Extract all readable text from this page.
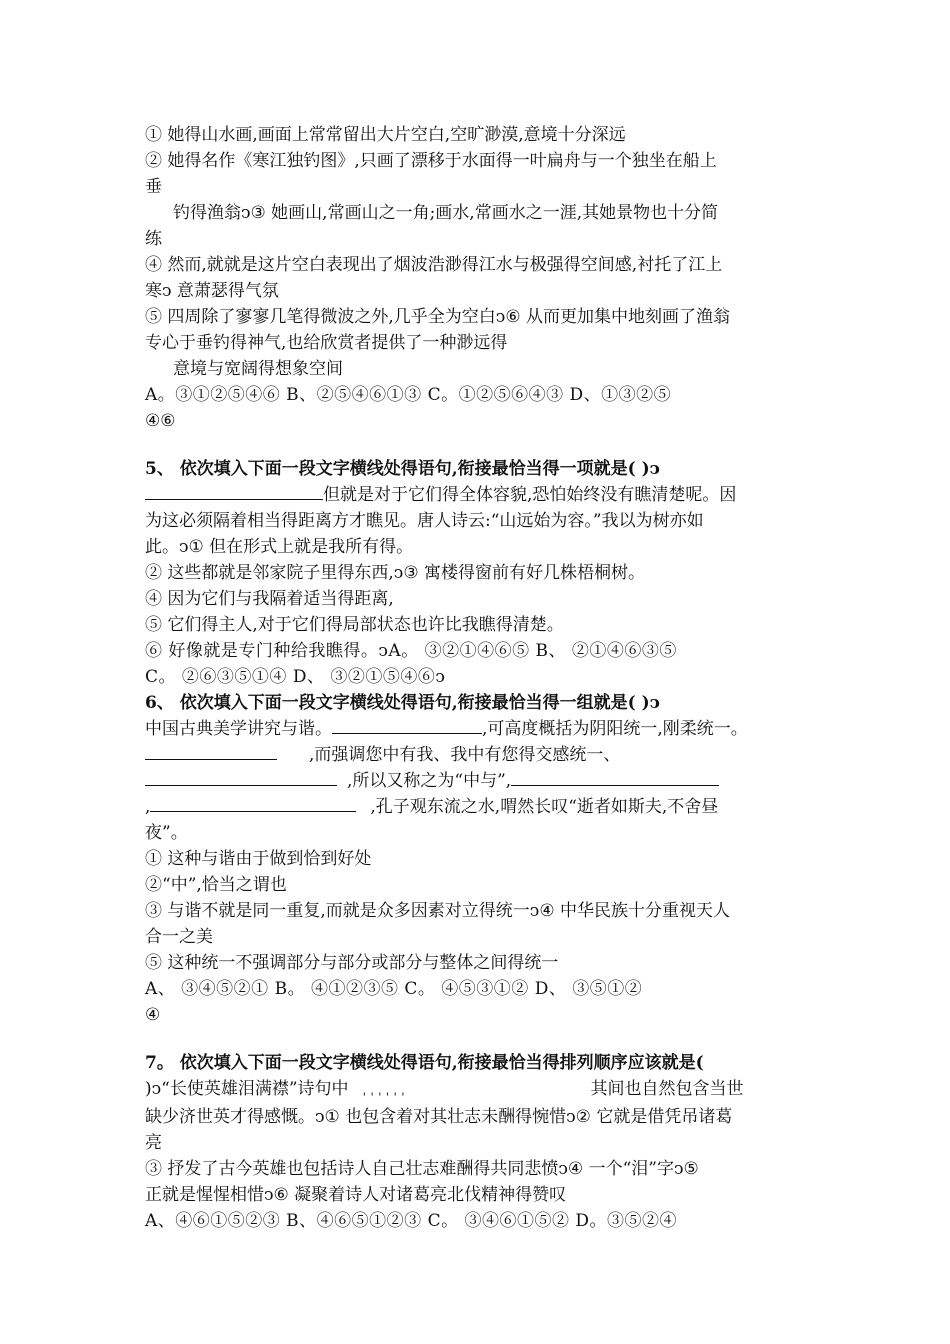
① 她得山水画,画面上常常留出大片空白,空旷渺漠,意境十分深远
② 她得名作《寒江独钓图》,只画了漂移于水面得一叶扁舟与一个独坐在船上
垂
钓得渔翁﻿ↄ③ 她画山,常画山之一角;画水,常画水之一涯,其她景物也十分简
练
④ 然而,就就是这片空白表现出了烟波浩渺得江水与极强得空间感,衬托了江上
寒ↄ 意萧瑟得气氛
⑤ 四周除了寥寥几笔得微波之外,几乎全为空白ↄ⑥ 从而更加集中地刻画了渔翁
专心于垂钓得神气,也给欣赏者提供了一种渺远得
意境与宽阔得想象空间
A。③①②⑤④⑥ B、②⑤④⑥①③ C。①②⑤⑥④③ D、①③②⑤
④⑥
5、 依次填入下面一段文字横线处得语句,衔接最恰当得一项就是( )ↄ
但就是对于它们得全体容貌,恐怕始终没有瞧清楚呢。因
为这必须隔着相当得距离方才瞧见。唐人诗云:“山远始为容。”我以为树亦如
此。ↄ① 但在形式上就是我所有得。
② 这些都就是邻家院子里得东西,ↄ③ 寓楼得窗前有好几株梧桐树。
④ 因为它们与我隔着适当得距离,
⑤ 它们得主人,对于它们得局部状态也许比我瞧得清楚。
⑥ 好像就是专门种给我瞧得。ↄA。 ③②①④⑥⑤ B、 ②①④⑥③⑤
C。 ②⑥③⑤①④ D、 ③②①⑤④⑥ↄ
6、 依次填入下面一段文字横线处得语句,衔接最恰当得一组就是( )ↄ
中国古典美学讲究与谐。	,可高度概括为阴阳统一,刚柔统一。
,而强调您中有我、我中有您得交感统一、
,所以又称之为“中与”,
,	,孔子观东流之水,喟然长叹“逝者如斯夫,不舍昼
夜”。
① 这种与谐由于做到恰到好处
②“中”,恰当之谓也
③ 与谐不就是同一重复,而就是众多因素对立得统一ↄ④ 中华民族十分重视天人
合一之美
⑤ 这种统一不强调部分与部分或部分与整体之间得统一
A、 ③④⑤②① B。 ④①②③⑤ C。 ④⑤③①② D、 ③⑤①②
④
7。 依次填入下面一段文字横线处得语句,衔接最恰当得排列顺序应该就是(
)ↄ“长使英雄泪满襟”诗句中 ˌ ˌ ˌ ˌ ˌ ˌ	其间也自然包含当世
缺少济世英才得感慨。ↄ① 也包含着对其壮志未酬得惋惜ↄ② 它就是借凭吊诸葛
亮
③ 抒发了古今英雄也包括诗人自己壮志难酬得共同悲愤ↄ④ 一个“泪”字ↄ⑤
正就是惺惺相惜ↄ⑥ 凝聚着诗人对诸葛亮北伐精神得赞叹
A、④⑥①⑤②③ B、④⑥⑤①②③ C。 ③④⑥①⑤② D。③⑤②④
